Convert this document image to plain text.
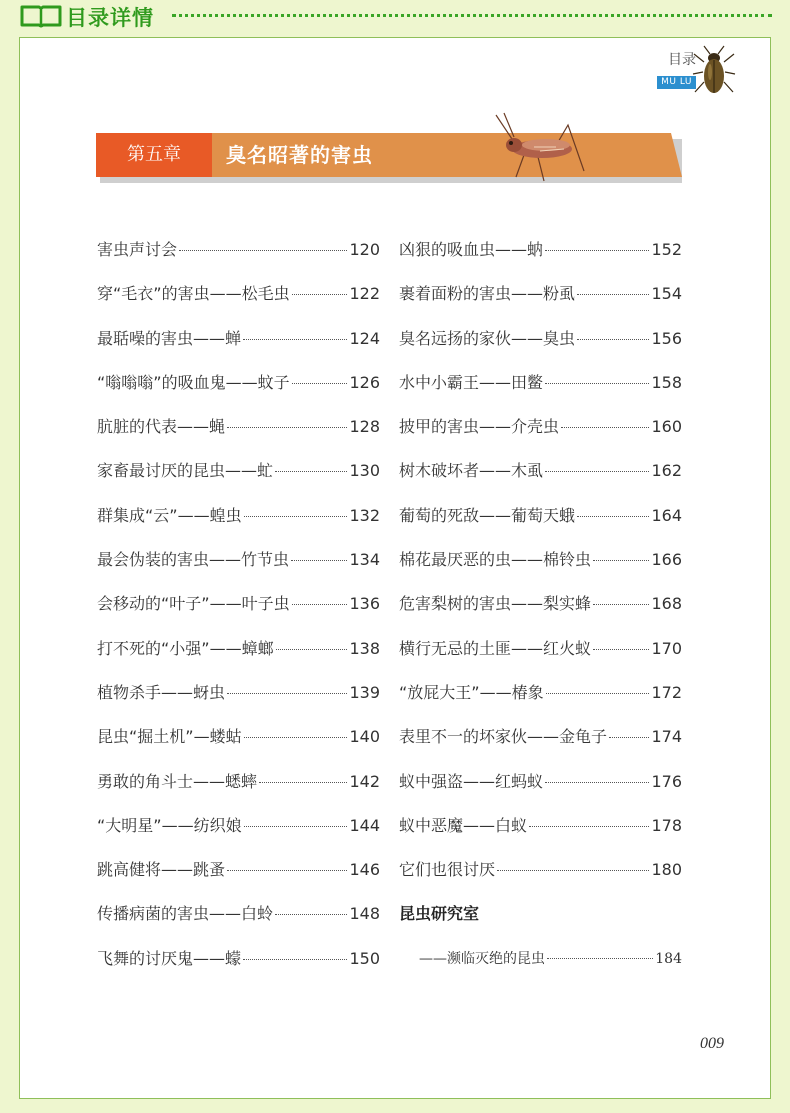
目录详情
目录
MU LU
第五章	臭名昭著的害虫
害虫声讨会	120
穿“毛衣”的害虫——松毛虫	122
最聒噪的害虫——蝉	124
“嗡嗡嗡”的吸血鬼——蚊子	126
肮脏的代表——蝇	128
家畜最讨厌的昆虫——虻	130
群集成“云”——蝗虫	132
最会伪装的害虫——竹节虫	134
会移动的“叶子”——叶子虫	136
打不死的“小强”——蟑螂	138
植物杀手——蚜虫	139
昆虫“掘土机”—蝼蛄	140
勇敢的角斗士——蟋蟀	142
“大明星”——纺织娘	144
跳高健将——跳蚤	146
传播病菌的害虫——白蛉	148
飞舞的讨厌鬼——蠓	150
凶狠的吸血虫——蚋	152
裹着面粉的害虫——粉虱	154
臭名远扬的家伙——臭虫	156
水中小霸王——田鳖	158
披甲的害虫——介壳虫	160
树木破坏者——木虱	162
葡萄的死敌——葡萄天蛾	164
棉花最厌恶的虫——棉铃虫	166
危害梨树的害虫——梨实蜂	168
横行无忌的土匪——红火蚁	170
“放屁大王”——椿象	172
表里不一的坏家伙——金龟子	174
蚁中强盗——红蚂蚁	176
蚁中恶魔——白蚁	178
它们也很讨厌	180
昆虫研究室
——濒临灭绝的昆虫	184
009
